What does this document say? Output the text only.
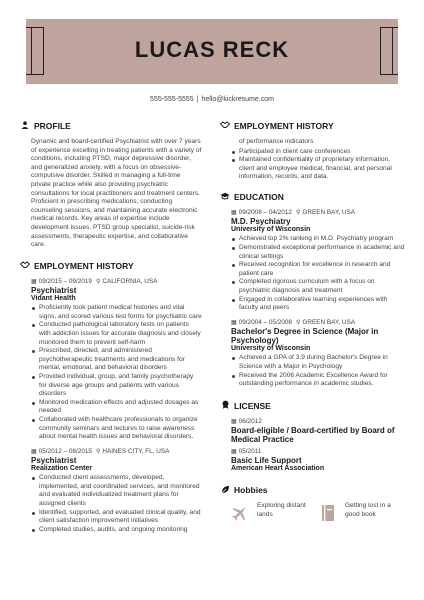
LUCAS RECK
555-555-5555 | hello@kickresume.com
PROFILE

Dynamic and board-certified Psychiatrist with over 7 years of experience excelling in treating patients with a variety of conditions, including PTSD, major depressive disorder, and generalized anxiety, with a focus on obsessive-compulsive disorder. Skilled in managing a full-time private practice while also providing psychiatric consultations for local practitioners and treatment centers. Proficient in prescribing medications, conducting counseling sessions, and maintaining accurate electronic medical records. Key areas of expertise include development issues, PTSD group specialist, suicide-risk assessments, therapeutic expertise, and collaborative care.

EMPLOYMENT HISTORY
▦ 09/2015 – 09/2019 ⚲ CALIFORNIA, USA
Psychiatrist
Vidant Health
Proficiently took patient medical histories and vital signs, and scored various test forms for psychiatric care
Conducted pathological laboratory tests on patients with addiction issues for accurate diagnosis and closely monitored them to prevent self-harm
Prescribed, directed, and administered psychotherapeutic treatments and medications for mental, emotional, and behavioral disorders
Provided individual, group, and family psychotherapy for diverse age groups and patients with various disorders
Monitored medication effects and adjusted dosages as needed
Collaborated with healthcare professionals to organize community seminars and lectures to raise awareness about mental health issues and behavioral disorders.
▦ 05/2012 – 08/2015 ⚲ HAINES CITY, FL, USA
Psychiatrist
Realization Center
Conducted client assessments, developed, implemented, and coordinated services, and monitored and evaluated individualized treatment plans for assigned clients
Identified, supported, and evaluated clinical quality, and client satisfaction improvement initiatives
Completed studies, audits, and ongoing monitoring
EMPLOYMENT HISTORY
of performance indicators
Participated in client care conferences
Maintained confidentiality of proprietary information, client and employee medical, financial, and personal information, records, and data.
EDUCATION
▦ 09/2008 – 04/2012 ⚲ GREEN BAY, USA
M.D. Psychiatry
University of Wisconsin
Achieved top 2% ranking in M.D. Psychiatry program
Demonstrated exceptional performance in academic and clinical settings
Received recognition for excellence in research and patient care
Completed rigorous curriculum with a focus on psychiatric diagnosis and treatment
Engaged in collaborative learning experiences with faculty and peers
▦ 09/2004 – 05/2008 ⚲ GREEN BAY, USA
Bachelor's Degree in Science (Major in Psychology)
University of Wisconsin
Achieved a GPA of 3.9 during Bachelor's Degree in Science with a Major in Psychology
Received the 2006 Academic Excellence Award for outstanding performance in academic studies.
LICENSE
▦ 06/2012
Board-eligible / Board-certified by Board of Medical Practice
▦ 05/2011
Basic Life Support
American Heart Association
Hobbies
Exploring distant lands
Getting lost in a good book
